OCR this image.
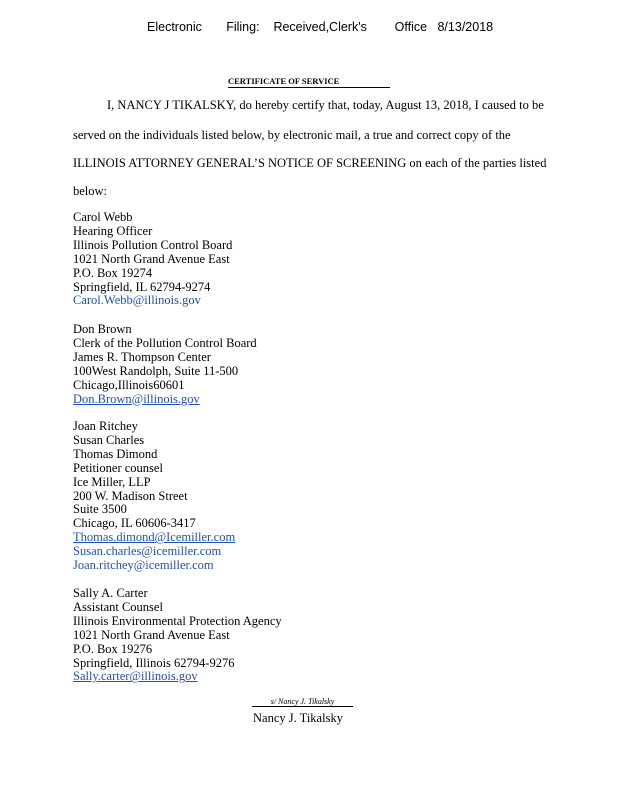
Electronic Filing: Received,Clerk's Office 8/13/2018
CERTIFICATE OF SERVICE
I, NANCY J TIKALSKY, do hereby certify that, today, August 13, 2018, I caused to be
served on the individuals listed below, by electronic mail, a true and correct copy of the
ILLINOIS ATTORNEY GENERAL’S NOTICE OF SCREENING on each of the parties listed
below:
Carol Webb
Hearing Officer
Illinois Pollution Control Board
1021 North Grand Avenue East
P.O. Box 19274
Springfield, IL 62794-9274
Carol.Webb@illinois.gov
Don Brown
Clerk of the Pollution Control Board
James R. Thompson Center
100West Randolph, Suite 11-500
Chicago,Illinois60601
Don.Brown@illinois.gov
Joan Ritchey
Susan Charles
Thomas Dimond
Petitioner counsel
Ice Miller, LLP
200 W. Madison Street
Suite 3500
Chicago, IL 60606-3417
Thomas.dimond@Icemiller.com
Susan.charles@icemiller.com
Joan.ritchey@icemiller.com
Sally A. Carter
Assistant Counsel
Illinois Environmental Protection Agency
1021 North Grand Avenue East
P.O. Box 19276
Springfield, Illinois 62794-9276
Sally.carter@illinois.gov
s/ Nancy J. Tikalsky
Nancy J. Tikalsky
